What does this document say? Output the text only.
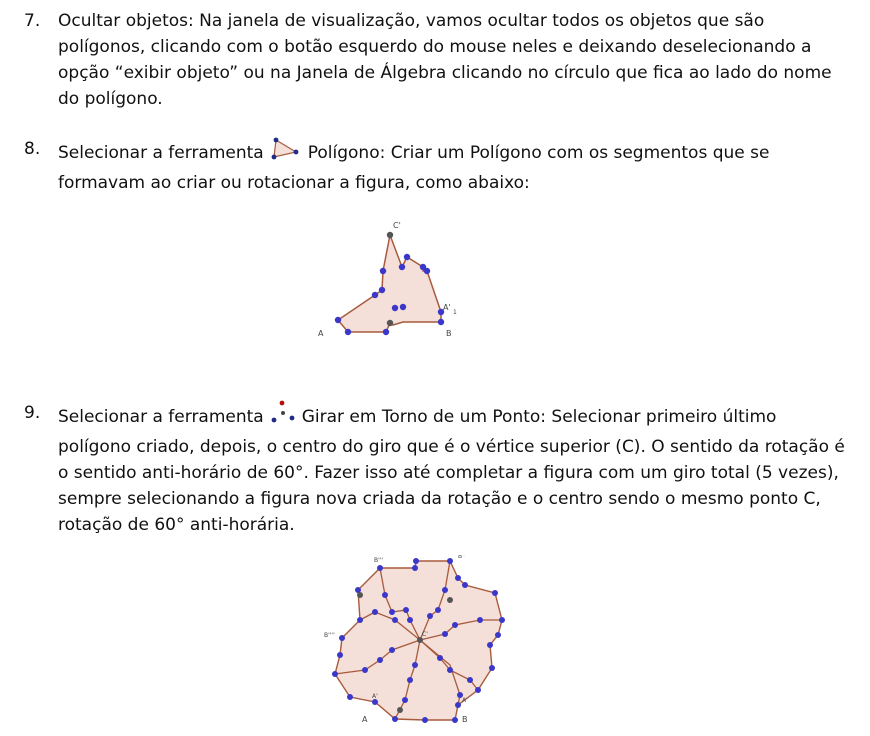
7.	Ocultar objetos: Na janela de visualização, vamos ocultar todos os objetos que são polígonos, clicando com o botão esquerdo do mouse neles e deixando deselecionando a opção “exibir objeto” ou na Janela de Álgebra clicando no círculo que fica ao lado do nome do polígono.
8.	Selecionar a ferramenta	Polígono: Criar um Polígono com os segmentos que se formavam ao criar ou rotacionar a figura, como abaixo:
C'
A	B
A'
1
9.	Selecionar a ferramenta Girar em Torno de um Ponto: Selecionar primeiro último polígono criado, depois, o centro do giro que é o vértice superior (C). O sentido da rotação é o sentido anti-horário de 60°. Fazer isso até completar a figura com um giro total (5 vezes), sempre selecionando a figura nova criada da rotação e o centro sendo o mesmo ponto C, rotação de 60° anti-horária.
B'''
B''
B''''	C'
A	B
A'
A'
